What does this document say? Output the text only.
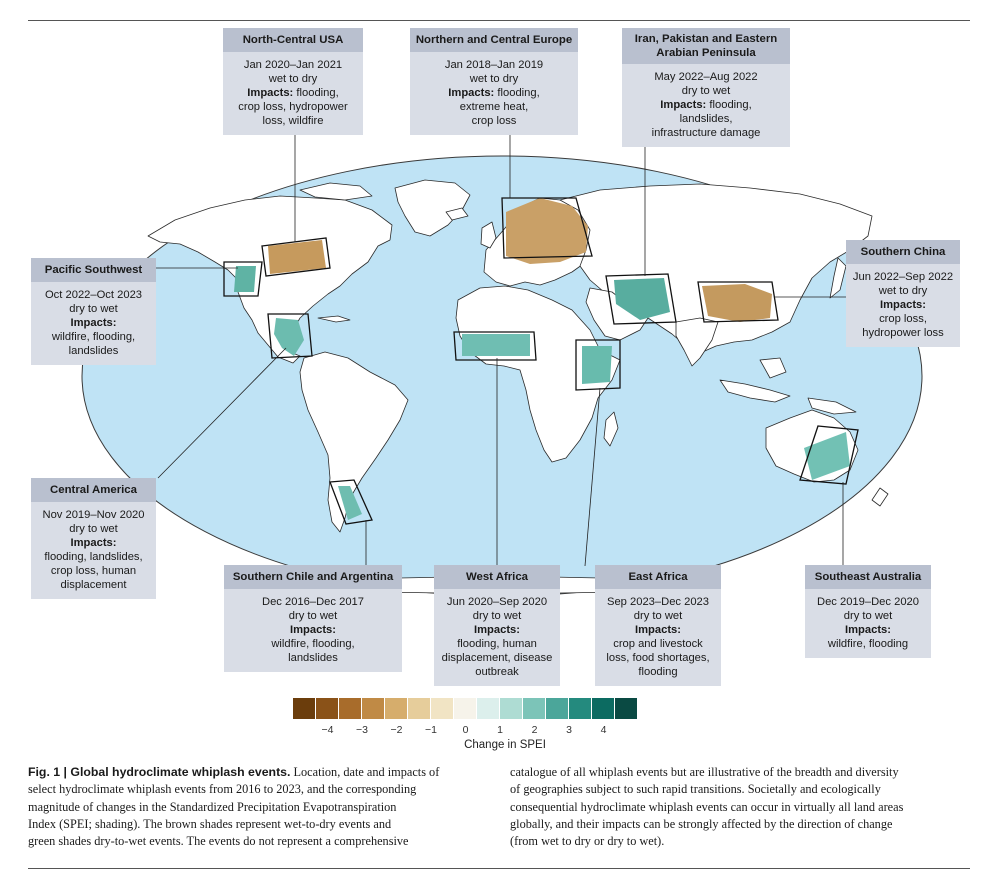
North-Central USA
Jan 2020–Jan 2021
wet to dry
Impacts: flooding,
crop loss, hydropower
loss, wildfire
Northern and Central Europe
Jan 2018–Jan 2019
wet to dry
Impacts: flooding,
extreme heat,
crop loss
Iran, Pakistan and Eastern
Arabian Peninsula
May 2022–Aug 2022
dry to wet
Impacts: flooding,
landslides,
infrastructure damage
Pacific Southwest
Oct 2022–Oct 2023
dry to wet
Impacts:
wildfire, flooding,
landslides
Southern China
Jun 2022–Sep 2022
wet to dry
Impacts:
crop loss,
hydropower loss
Central America
Nov 2019–Nov 2020
dry to wet
Impacts:
flooding, landslides,
crop loss, human
displacement
Southern Chile and Argentina
Dec 2016–Dec 2017
dry to wet
Impacts:
wildfire, flooding,
landslides
West Africa
Jun 2020–Sep 2020
dry to wet
Impacts:
flooding, human
displacement, disease
outbreak
East Africa
Sep 2023–Dec 2023
dry to wet
Impacts:
crop and livestock
loss, food shortages,
flooding
Southeast Australia
Dec 2019–Dec 2020
dry to wet
Impacts:
wildfire, flooding
−4	−3	−2	−1	0	1	2	3	4
Change in SPEI
Fig. 1 | Global hydroclimate whiplash events. Location, date and impacts of
select hydroclimate whiplash events from 2016 to 2023, and the corresponding
magnitude of changes in the Standardized Precipitation Evapotranspiration
Index (SPEI; shading). The brown shades represent wet-to-dry events and
green shades dry-to-wet events. The events do not represent a comprehensive
catalogue of all whiplash events but are illustrative of the breadth and diversity
of geographies subject to such rapid transitions. Societally and ecologically
consequential hydroclimate whiplash events can occur in virtually all land areas
globally, and their impacts can be strongly affected by the direction of change
(from wet to dry or dry to wet).
